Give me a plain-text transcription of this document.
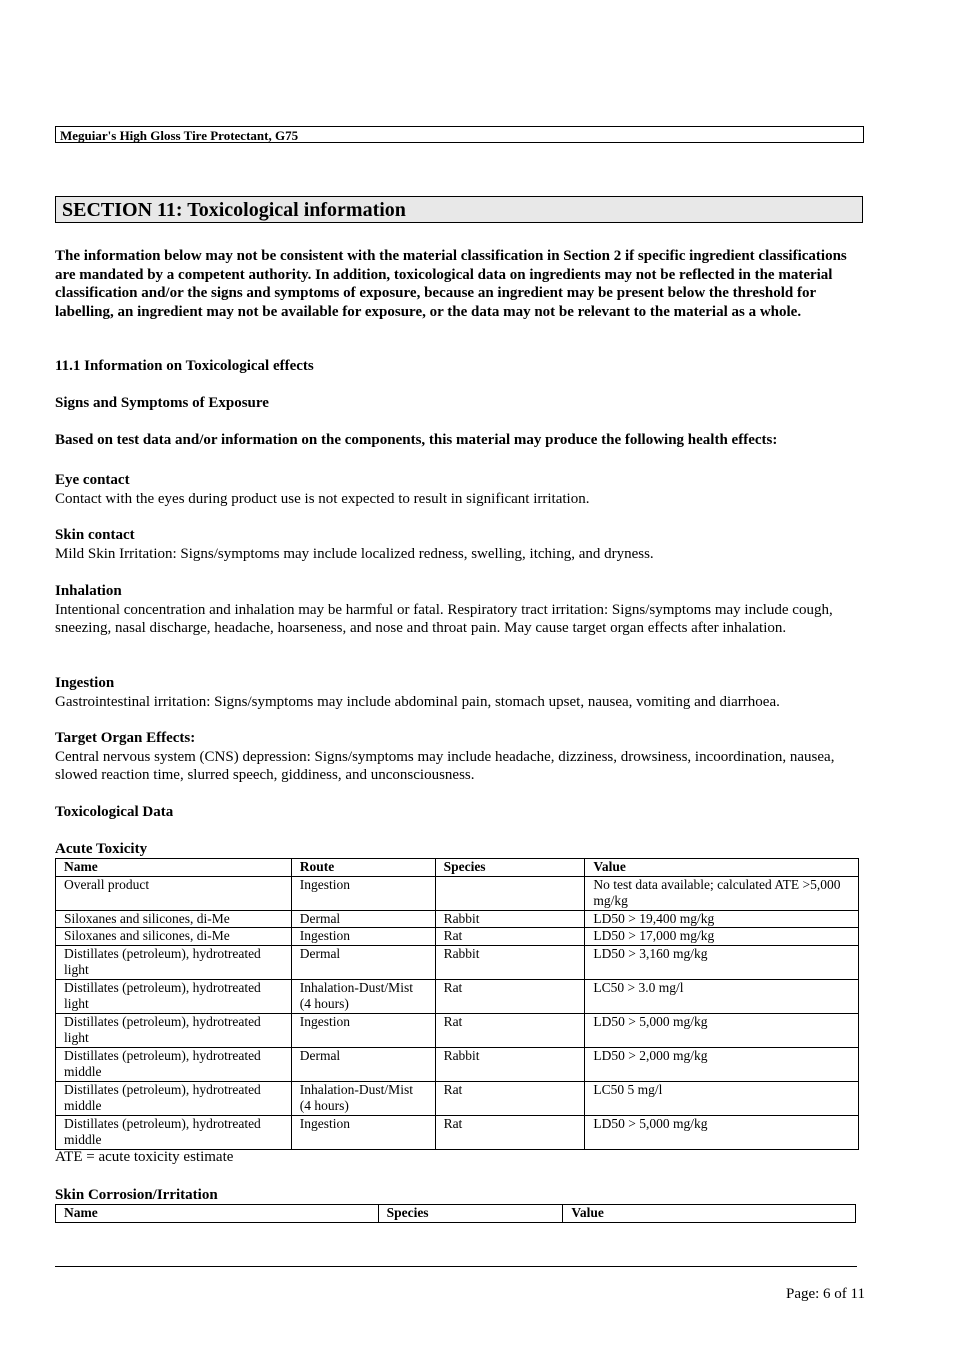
Meguiar's High Gloss Tire Protectant, G75
SECTION 11: Toxicological information

The information below may not be consistent with the material classification in Section 2 if specific ingredient classifications are mandated by a competent authority. In addition, toxicological data on ingredients may not be reflected in the material classification and/or the signs and symptoms of exposure, because an ingredient may be present below the threshold for labelling, an ingredient may not be available for exposure, or the data may not be relevant to the material as a whole.

11.1 Information on Toxicological effects

Signs and Symptoms of Exposure

Based on test data and/or information on the components, this material may produce the following health effects:

Eye contact

Contact with the eyes during product use is not expected to result in significant irritation.

Skin contact

Mild Skin Irritation: Signs/symptoms may include localized redness, swelling, itching, and dryness.

Inhalation

Intentional concentration and inhalation may be harmful or fatal. Respiratory tract irritation: Signs/symptoms may include cough, sneezing, nasal discharge, headache, hoarseness, and nose and throat pain. May cause target organ effects after inhalation.

Ingestion

Gastrointestinal irritation: Signs/symptoms may include abdominal pain, stomach upset, nausea, vomiting and diarrhoea.

Target Organ Effects:

Central nervous system (CNS) depression: Signs/symptoms may include headache, dizziness, drowsiness, incoordination, nausea, slowed reaction time, slurred speech, giddiness, and unconsciousness.

Toxicological Data

Acute Toxicity

Name	Route	Species	Value
Overall product	Ingestion		No test data available; calculated ATE >5,000 mg/kg
Siloxanes and silicones, di-Me	Dermal	Rabbit	LD50 > 19,400 mg/kg
Siloxanes and silicones, di-Me	Ingestion	Rat	LD50 > 17,000 mg/kg
Distillates (petroleum), hydrotreated light	Dermal	Rabbit	LD50 > 3,160 mg/kg
Distillates (petroleum), hydrotreated light	Inhalation-Dust/Mist (4 hours)	Rat	LC50 > 3.0 mg/l
Distillates (petroleum), hydrotreated light	Ingestion	Rat	LD50 > 5,000 mg/kg
Distillates (petroleum), hydrotreated middle	Dermal	Rabbit	LD50 > 2,000 mg/kg
Distillates (petroleum), hydrotreated middle	Inhalation-Dust/Mist (4 hours)	Rat	LC50 5 mg/l
Distillates (petroleum), hydrotreated middle	Ingestion	Rat	LD50 > 5,000 mg/kg

ATE = acute toxicity estimate

Skin Corrosion/Irritation

Name	Species	Value
Page: 6 of 11
